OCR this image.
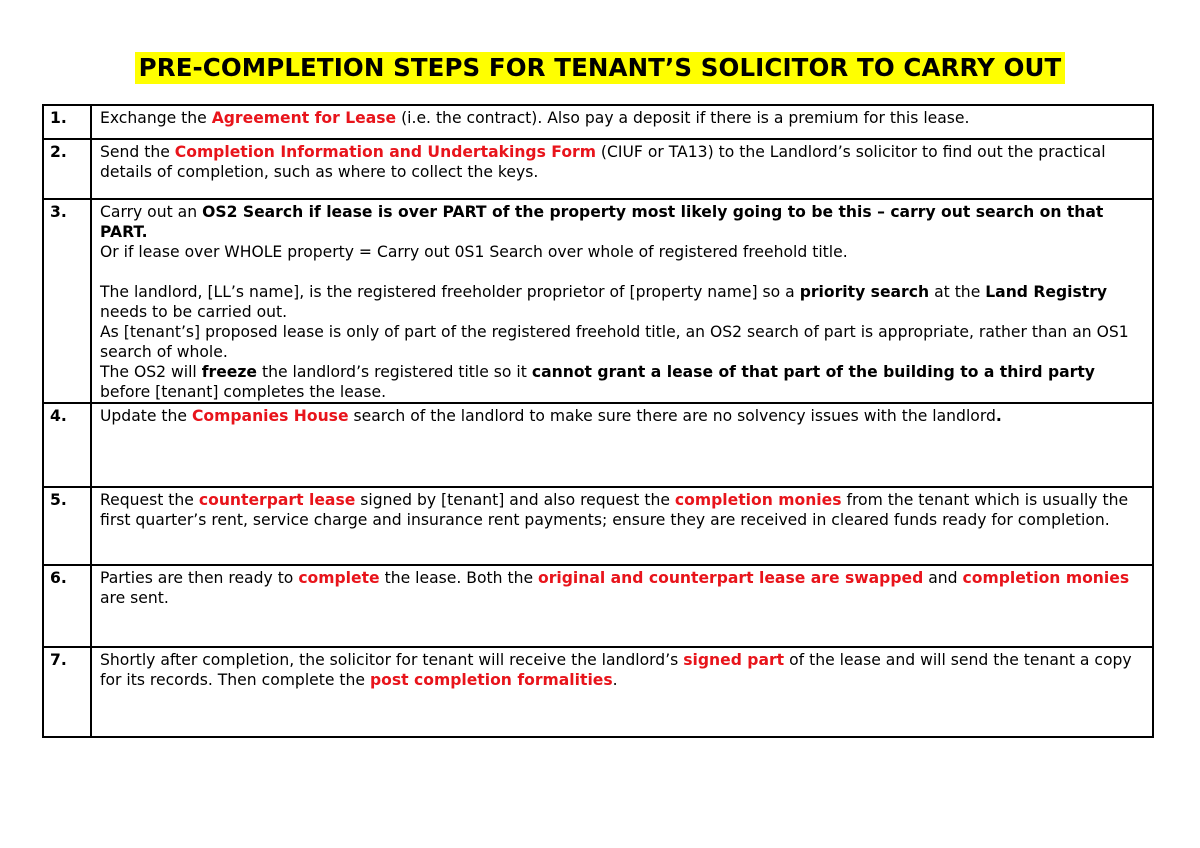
PRE-COMPLETION STEPS FOR TENANT’S SOLICITOR TO CARRY OUT
1.	Exchange the Agreement for Lease (i.e. the contract). Also pay a deposit if there is a premium for this lease.
2.	Send the Completion Information and Undertakings Form (CIUF or TA13) to the Landlord’s solicitor to find out the practical details of completion, such as where to collect the keys.
3.	Carry out an OS2 Search if lease is over PART of the property most likely going to be this – carry out search on that PART.
Or if lease over WHOLE property = Carry out 0S1 Search over whole of registered freehold title.
The landlord, [LL’s name], is the registered freeholder proprietor of [property name] so a priority search at the Land Registry needs to be carried out.
As [tenant’s] proposed lease is only of part of the registered freehold title, an OS2 search of part is appropriate, rather than an OS1 search of whole.
The OS2 will freeze the landlord’s registered title so it cannot grant a lease of that part of the building to a third party before [tenant] completes the lease.

4.	Update the Companies House search of the landlord to make sure there are no solvency issues with the landlord.
5.	Request the counterpart lease signed by [tenant] and also request the completion monies from the tenant which is usually the first quarter’s rent, service charge and insurance rent payments; ensure they are received in cleared funds ready for completion.
6.	Parties are then ready to complete the lease. Both the original and counterpart lease are swapped and completion monies are sent.
7.	Shortly after completion, the solicitor for tenant will receive the landlord’s signed part of the lease and will send the tenant a copy for its records. Then complete the post completion formalities.
